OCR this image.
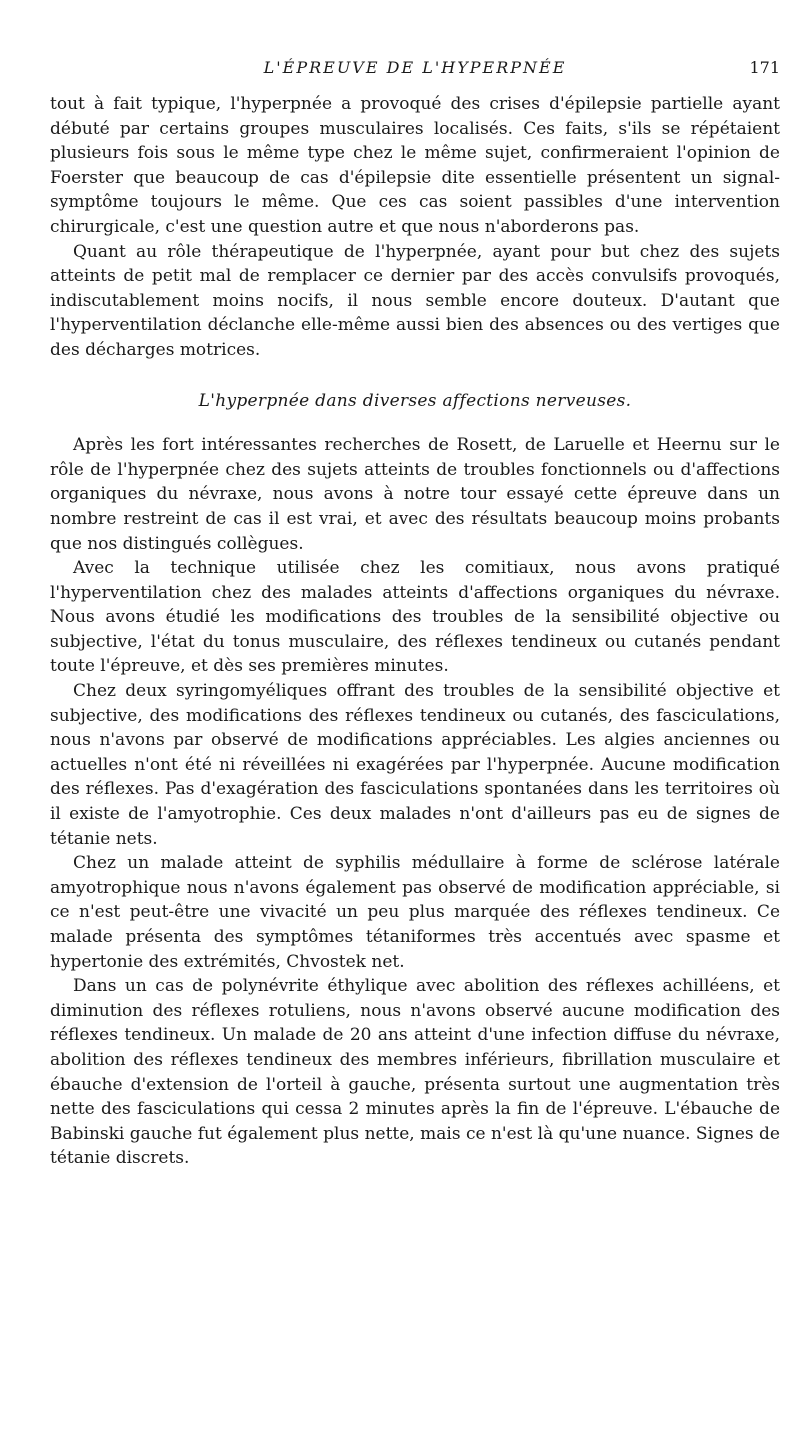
L'ÉPREUVE DE L'HYPERPNÉE	171

tout à fait typique, l'hyperpnée a provoqué des crises d'épilepsie partielle ayant débuté par certains groupes musculaires localisés. Ces faits, s'ils se répétaient plusieurs fois sous le même type chez le même sujet, confirmeraient l'opinion de Foerster que beaucoup de cas d'épilepsie dite essentielle présentent un signal-symptôme toujours le même. Que ces cas soient passibles d'une intervention chirurgicale, c'est une question autre et que nous n'aborderons pas.

Quant au rôle thérapeutique de l'hyperpnée, ayant pour but chez des sujets atteints de petit mal de remplacer ce dernier par des accès convulsifs provoqués, indiscutablement moins nocifs, il nous semble encore douteux. D'autant que l'hyperventilation déclanche elle-même aussi bien des absences ou des vertiges que des décharges motrices.

L'hyperpnée dans diverses affections nerveuses.

Après les fort intéressantes recherches de Rosett, de Laruelle et Heernu sur le rôle de l'hyperpnée chez des sujets atteints de troubles fonctionnels ou d'affections organiques du névraxe, nous avons à notre tour essayé cette épreuve dans un nombre restreint de cas il est vrai, et avec des résultats beaucoup moins probants que nos distingués collègues.

Avec la technique utilisée chez les comitiaux, nous avons pratiqué l'hyperventilation chez des malades atteints d'affections organiques du névraxe. Nous avons étudié les modifications des troubles de la sensibilité objective ou subjective, l'état du tonus musculaire, des réflexes tendineux ou cutanés pendant toute l'épreuve, et dès ses premières minutes.

Chez deux syringomyéliques offrant des troubles de la sensibilité objective et subjective, des modifications des réflexes tendineux ou cutanés, des fasciculations, nous n'avons par observé de modifications appréciables. Les algies anciennes ou actuelles n'ont été ni réveillées ni exagérées par l'hyperpnée. Aucune modification des réflexes. Pas d'exagération des fasciculations spontanées dans les territoires où il existe de l'amyotrophie. Ces deux malades n'ont d'ailleurs pas eu de signes de tétanie nets.

Chez un malade atteint de syphilis médullaire à forme de sclérose latérale amyotrophique nous n'avons également pas observé de modification appréciable, si ce n'est peut-être une vivacité un peu plus marquée des réflexes tendineux. Ce malade présenta des symptômes tétaniformes très accentués avec spasme et hypertonie des extrémités, Chvostek net.

Dans un cas de polynévrite éthylique avec abolition des réflexes achilléens, et diminution des réflexes rotuliens, nous n'avons observé aucune modification des réflexes tendineux. Un malade de 20 ans atteint d'une infection diffuse du névraxe, abolition des réflexes tendineux des membres inférieurs, fibrillation musculaire et ébauche d'extension de l'orteil à gauche, présenta surtout une augmentation très nette des fasciculations qui cessa 2 minutes après la fin de l'épreuve. L'ébauche de Babinski gauche fut également plus nette, mais ce n'est là qu'une nuance. Signes de tétanie discrets.
